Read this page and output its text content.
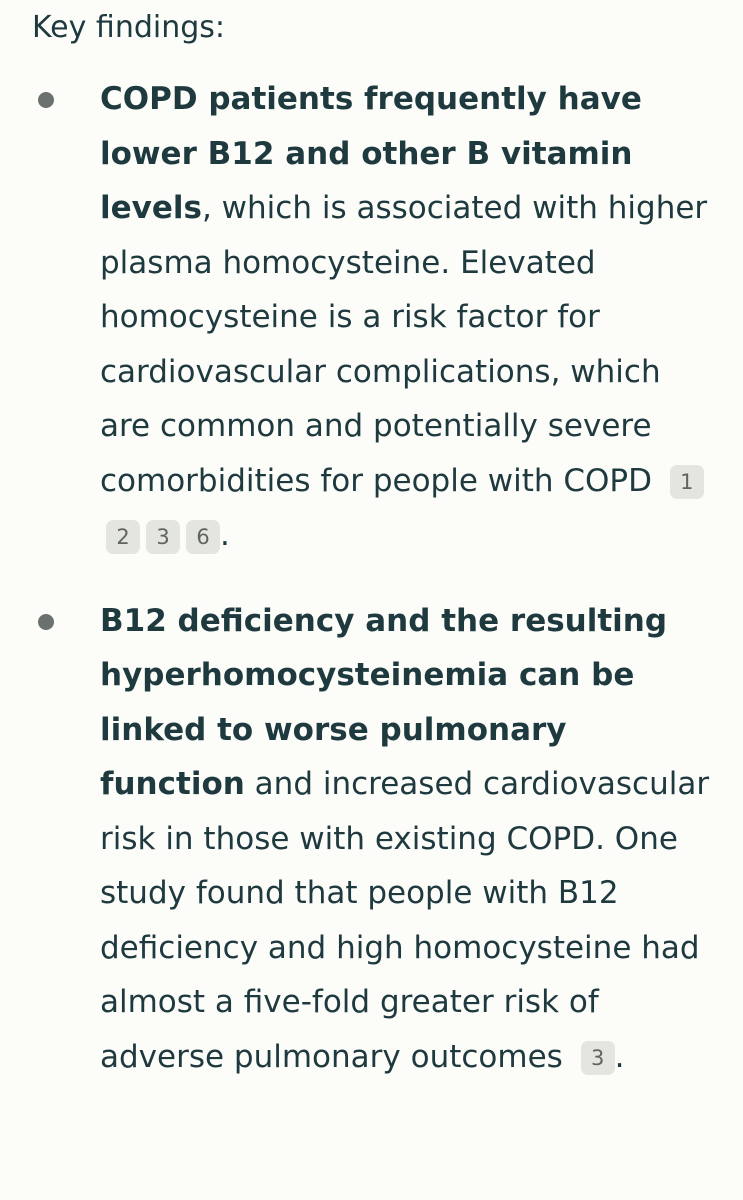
Key findings:
COPD patients frequently have lower B12 and other B vitamin levels, which is associated with higher plasma homocysteine. Elevated homocysteine is a risk factor for cardiovascular complications, which are common and potentially severe comorbidities for people with COPD 12 3 6 .
B12 deficiency and the resulting hyperhomocysteinemia can be linked to worse pulmonary function and increased cardiovascular risk in those with existing COPD. One study found that people with B12 deficiency and high homocysteine had almost a five-fold greater risk of adverse pulmonary outcomes 3 .
